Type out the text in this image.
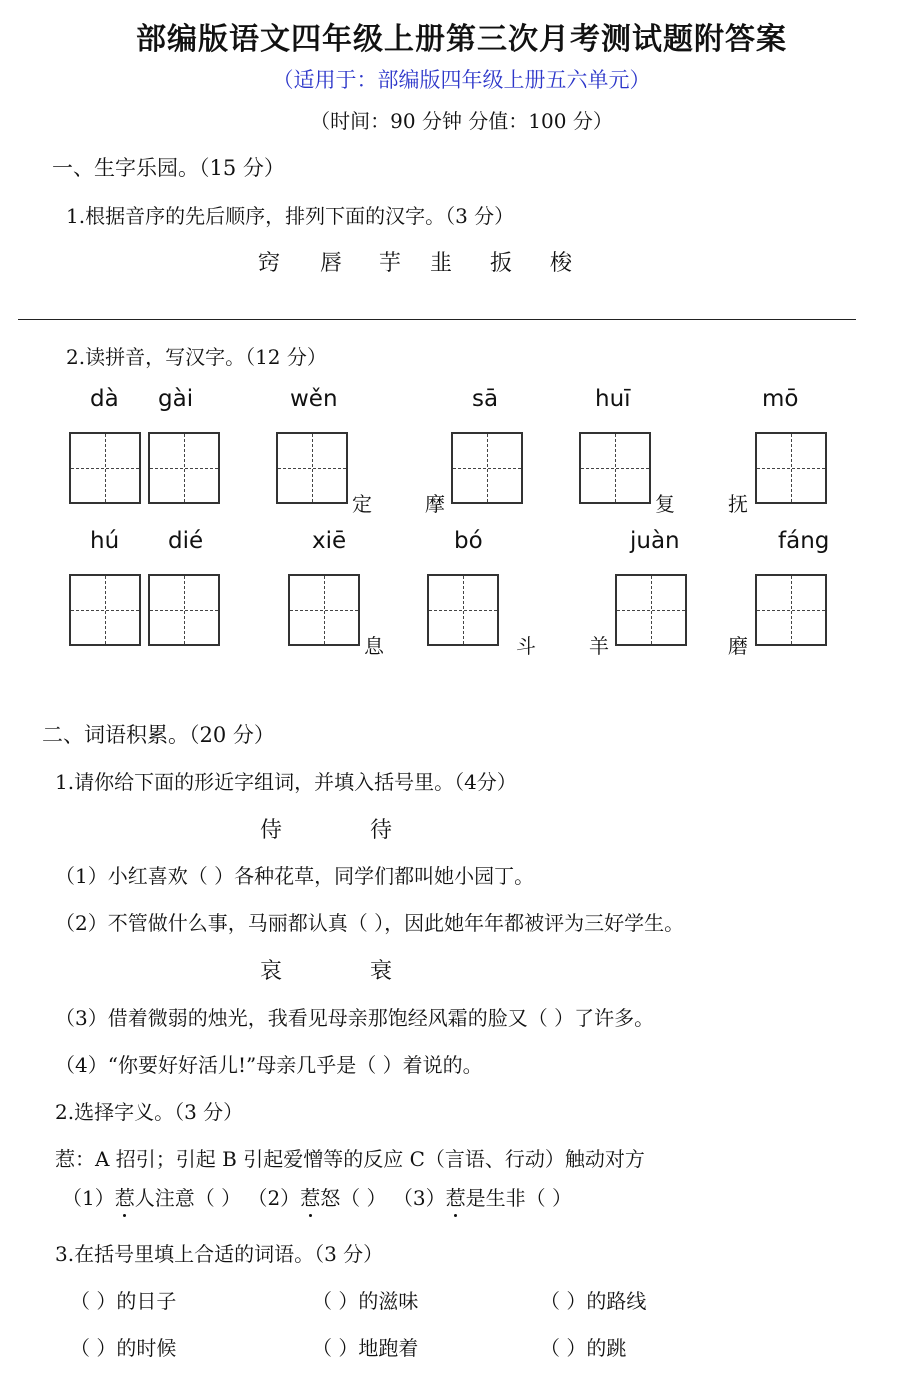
部编版语文四年级上册第三次月考测试题附答案
（适用于：部编版四年级上册五六单元）
（时间：90 分钟 分值：100 分）
一、生字乐园。（15 分）
1.根据音序的先后顺序，排列下面的汉字。（3 分）
窍 唇 芋 韭 扳 梭
2.读拼音，写汉字。（12 分）
dà gài	wěn	sā	huī	mō
定	摩	复	抚
hú dié	xiē	bó	juàn	fáng
息	斗	羊	磨
二、词语积累。（20 分）
1.请你给下面的形近字组词，并填入括号里。（4分）
侍	待
（1）小红喜欢（ ）各种花草，同学们都叫她小园丁。
（2）不管做什么事，马丽都认真（ ），因此她年年都被评为三好学生。
哀	衰
（3）借着微弱的烛光，我看见母亲那饱经风霜的脸又（ ）了许多。
（4）“你要好好活儿!”母亲几乎是（ ）着说的。
2.选择字义。（3 分）
惹：A 招引；引起 B 引起爱憎等的反应 C（言语、行动）触动对方
（1）惹人注意（ ） （2）惹怒（ ） （3）惹是生非（ ）
3.在括号里填上合适的词语。（3 分）
（ ）的日子	（ ）的滋味	（ ）的路线
（ ）的时候	（ ）地跑着	（ ）的跳
